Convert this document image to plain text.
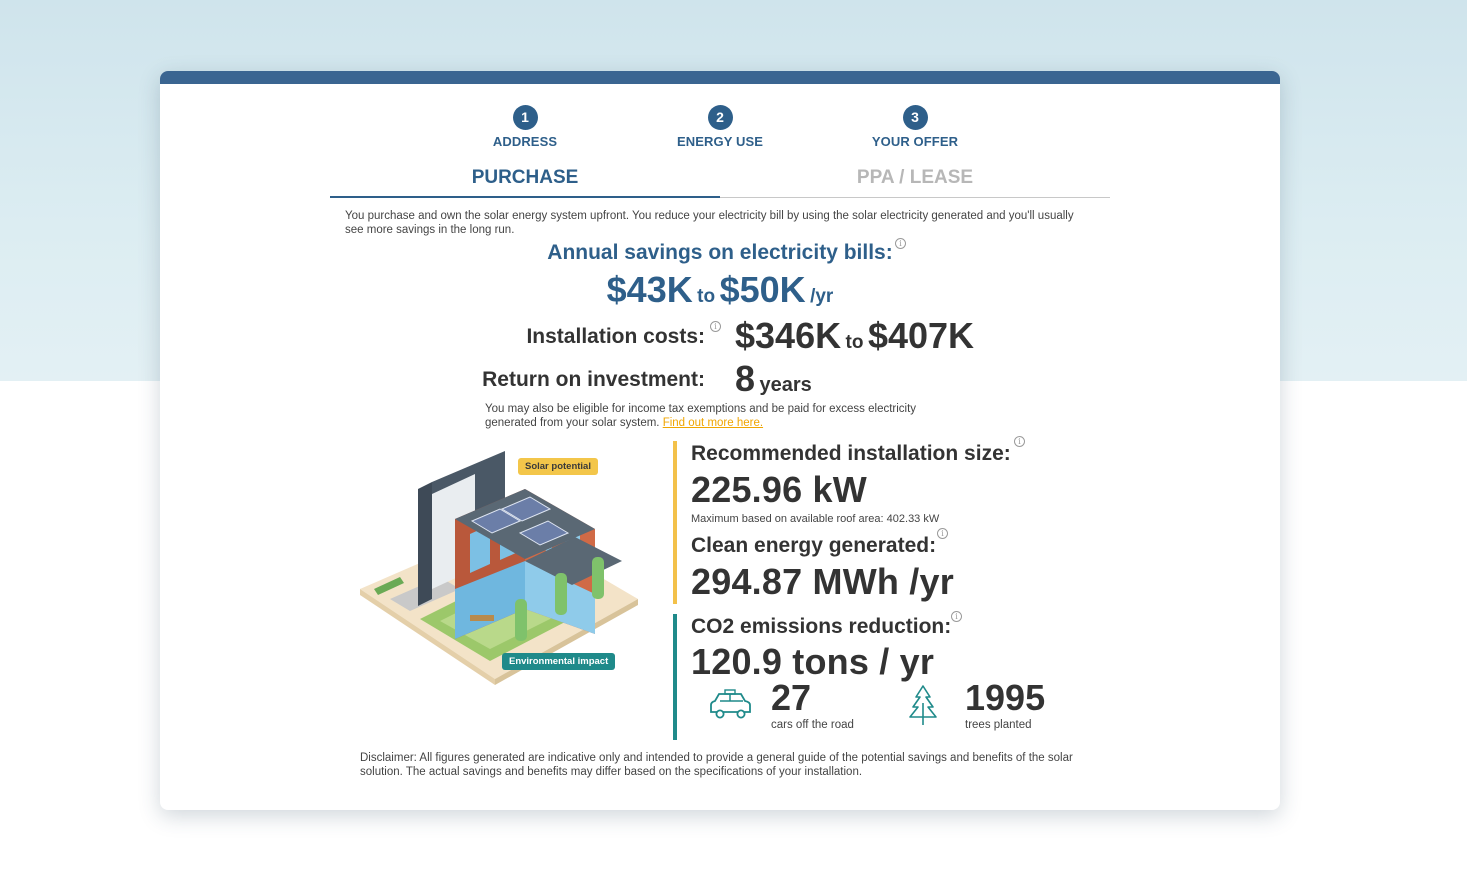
1
ADDRESS
2
ENERGY USE
3
YOUR OFFER
PURCHASE	PPA / LEASE

You purchase and own the solar energy system upfront. You reduce your electricity bill by using the solar electricity generated and you'll usually see more savings in the long run.

Annual savings on electricity bills: i
$43K to $50K /yr
Installation costs:	i $346K to $407K
Return on investment: 8 years

You may also be eligible for income tax exemptions and be paid for excess electricity generated from your solar system. Find out more here.

Solar potential
Environmental impact
Recommended installation size:
i
225.96 kW
Maximum based on available roof area: 402.33 kW
Clean energy generated:
i
294.87 MWh /yr
CO2 emissions reduction: i
120.9 tons / yr
27
cars off the road
1995
trees planted

Disclaimer: All figures generated are indicative only and intended to provide a general guide of the potential savings and benefits of the solar solution. The actual savings and benefits may differ based on the specifications of your installation.
